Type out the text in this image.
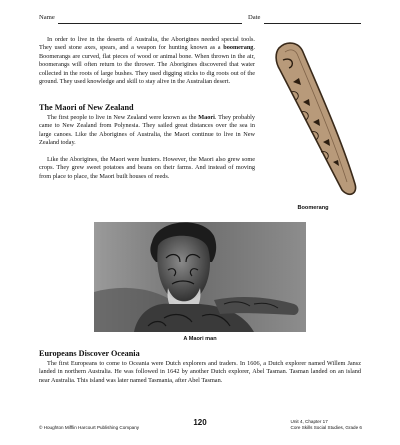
Name	Date

In order to live in the deserts of Australia, the Aborigines needed special tools. They used stone axes, spears, and a weapon for hunting known as a boomerang. Boomerangs are curved, flat pieces of wood or animal bone. When thrown in the air, boomerangs will often return to the thrower. The Aborigines discovered that water collected in the roots of large bushes. They used digging sticks to dig roots out of the ground. They used knowledge and skill to stay alive in the Australian desert.

The Maori of New Zealand

The first people to live in New Zealand were known as the Maori. They probably came to New Zealand from Polynesia. They sailed great distances over the sea in large canoes. Like the Aborigines of Australia, the Maori continue to live in New Zealand today.

Like the Aborigines, the Maori were hunters. However, the Maori also grew some crops. They grew sweet potatoes and beans on their farms. And instead of moving from place to place, the Maori built houses of reeds.

Boomerang
A Maori man
Europeans Discover Oceania

The first Europeans to come to Oceania were Dutch explorers and traders. In 1606, a Dutch explorer named Willem Jansz landed in northern Australia. He was followed in 1642 by another Dutch explorer, Abel Tasman. Tasman landed on an island near Australia. This island was later named Tasmania, after Abel Tasman.

120
© Houghton Mifflin Harcourt Publishing Company
Unit 4, Chapter 17
Core Skills Social Studies, Grade 6
